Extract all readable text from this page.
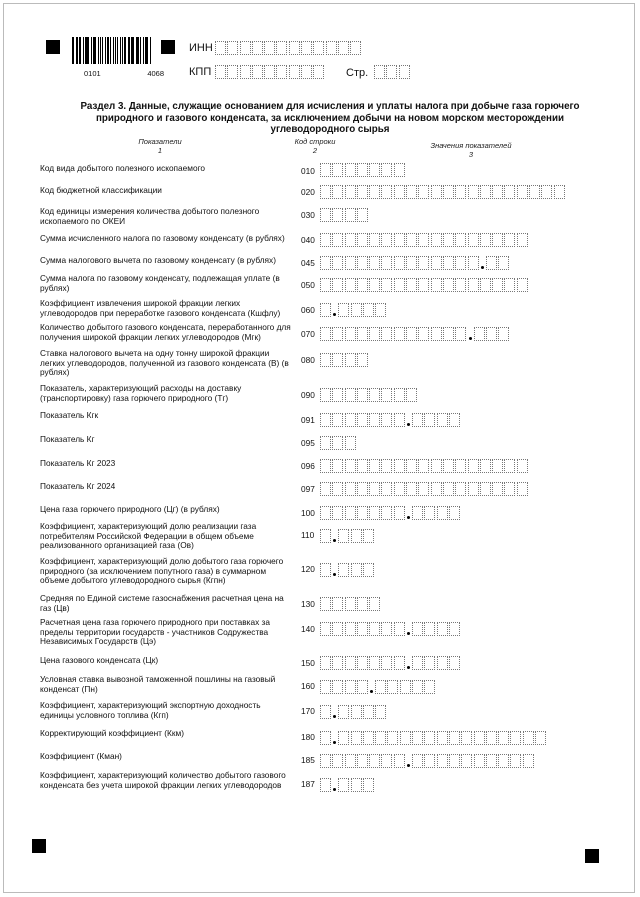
0101	4068
ИНН
КПП	Стр.
Раздел 3. Данные, служащие основанием для исчисления и уплаты налога при добыче газа горючего природного и газового конденсата, за исключением добычи на новом морском месторождении углеводородного сырья
Показатели
1
Код строки
2	Значения показателей
3
Код вида добытого полезного ископаемого	010
Код бюджетной классификации	020
Код единицы измерения количества добытого полезного ископаемого по ОКЕИ
030
Сумма исчисленного налога по газовому конденсату (в рублях)	040
Сумма налогового вычета по газовому конденсату (в рублях)	045
Сумма налога по газовому конденсату, подлежащая уплате (в рублях)	050
Коэффициент извлечения широкой фракции легких углеводородов при переработке газового конденсата (Кшфлу)	060
Количество добытого газового конденсата, переработанного для получения широкой фракции легких углеводородов (Мгк)	070
Ставка налогового вычета на одну тонну широкой фракции легких углеводородов, полученной из газового конденсата (В) (в рублях)
080
Показатель, характеризующий расходы на доставку (транспортировку) газа горючего природного (Тг)	090
Показатель Кгк	091
Показатель Кг	095
Показатель Кг 2023	096
Показатель Кг 2024	097
Цена газа горючего природного (Цг) (в рублях)	100
Коэффициент, характеризующий долю реализации газа потребителям Российской Федерации в общем объеме реализованного организацией газа (Ов)
110
Коэффициент, характеризующий долю добытого газа горючего природного (за исключением попутного газа) в суммарном объеме добытого углеводородного сырья (Кгпн)
120
Средняя по Единой системе газоснабжения расчетная цена на газ (Цв)	130
Расчетная цена газа горючего природного при поставках за пределы территории государств - участников Содружества Независимых Государств (Цэ)
140
Цена газового конденсата (Цк)	150
Условная ставка вывозной таможенной пошлины на газовый конденсат (Пн)	160
Коэффициент, характеризующий экспортную доходность единицы условного топлива (Кгп)	170
Корректирующий коэффициент (Ккм)	180
Коэффициент (Кман)	185
Коэффициент, характеризующий количество добытого газового конденсата без учета широкой фракции легких углеводородов	187
